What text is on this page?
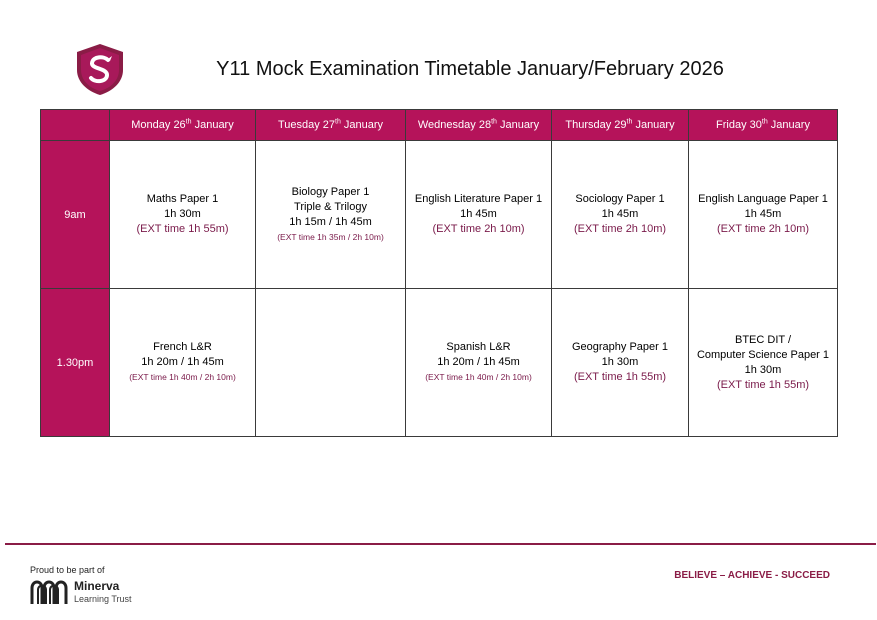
Y11 Mock Examination Timetable January/February 2026
	Monday 26th January	Tuesday 27th January	Wednesday 28th January	Thursday 29th January	Friday 30th January
9am	Maths Paper 1
1h 30m
(EXT time 1h 55m)	Biology Paper 1
Triple & Trilogy
1h 15m / 1h 45m
(EXT time 1h 35m / 2h 10m)	English Literature Paper 1
1h 45m
(EXT time 2h 10m)	Sociology Paper 1
1h 45m
(EXT time 2h 10m)	English Language Paper 1
1h 45m
(EXT time 2h 10m)

1.30pm	French L&R
1h 20m / 1h 45m
(EXT time 1h 40m / 2h 10m)		Spanish L&R
1h 20m / 1h 45m
(EXT time 1h 40m / 2h 10m)	Geography Paper 1
1h 30m
(EXT time 1h 55m)	BTEC DIT /
Computer Science Paper 1
1h 30m
(EXT time 1h 55m)
Proud to be part of
Minerva
Learning Trust
BELIEVE – ACHIEVE - SUCCEED
